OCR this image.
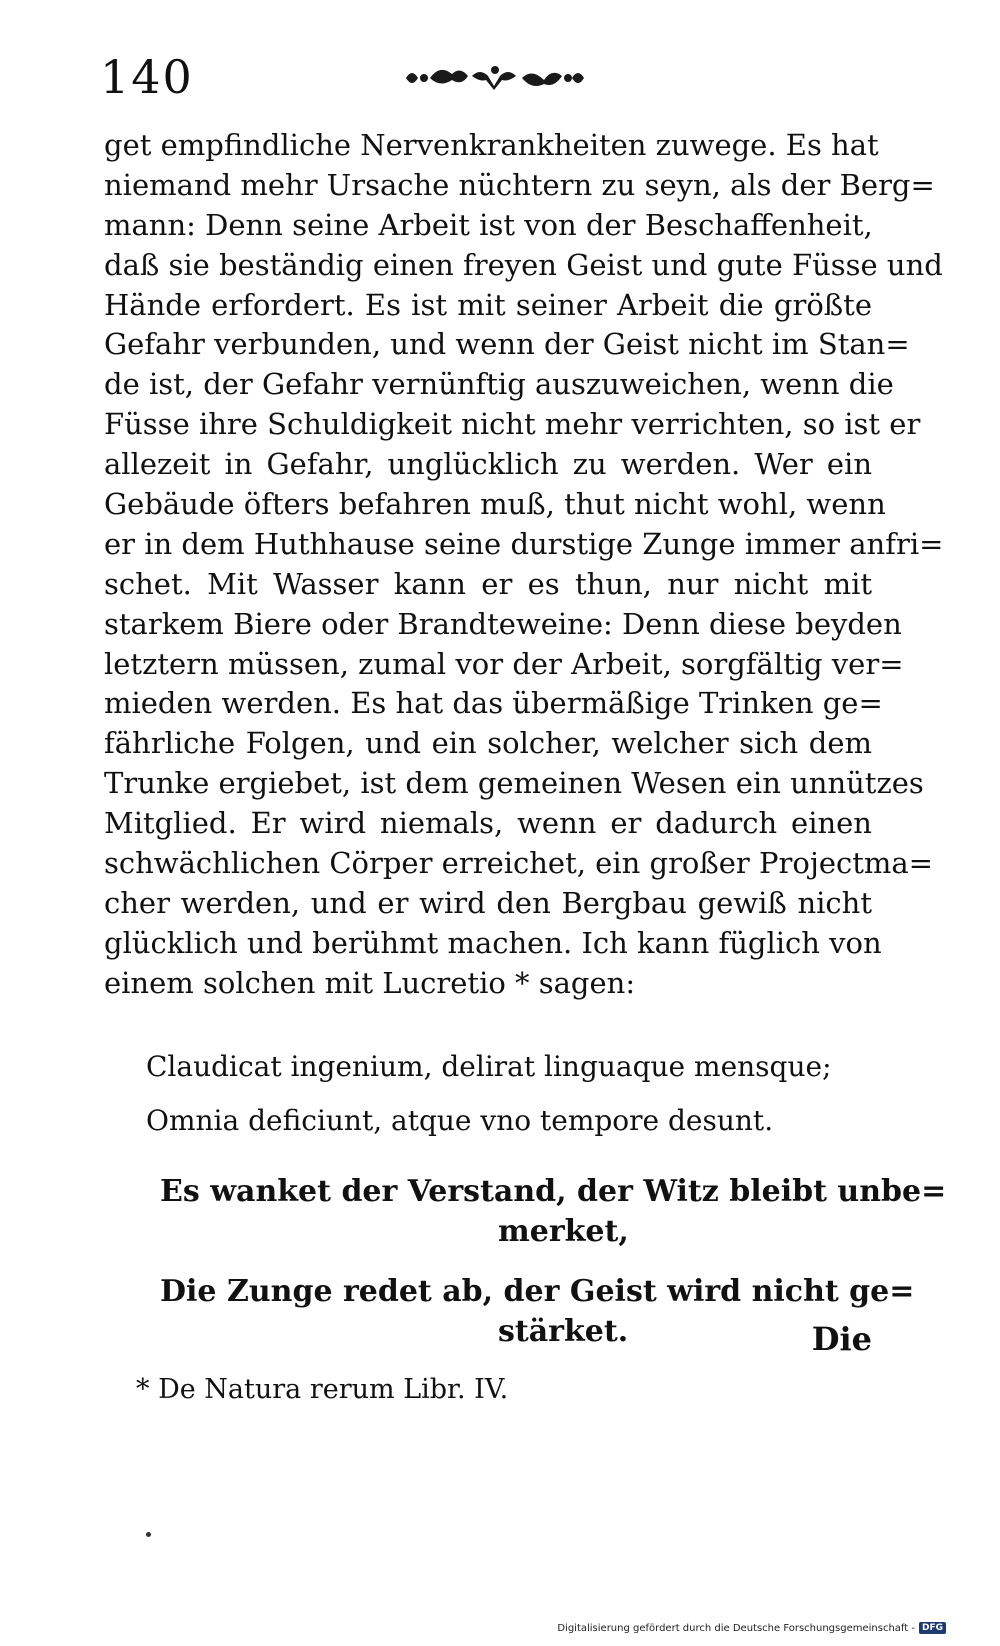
140
get empfindliche Nervenkrankheiten zuwege. Es hat
niemand mehr Ursache nüchtern zu seyn, als der Berg=
mann: Denn seine Arbeit ist von der Beschaffenheit,
daß sie beständig einen freyen Geist und gute Füsse und
Hände erfordert. Es ist mit seiner Arbeit die größte
Gefahr verbunden, und wenn der Geist nicht im Stan=
de ist, der Gefahr vernünftig auszuweichen, wenn die
Füsse ihre Schuldigkeit nicht mehr verrichten, so ist er
allezeit in Gefahr, unglücklich zu werden. Wer ein
Gebäude öfters befahren muß, thut nicht wohl, wenn
er in dem Huthhause seine durstige Zunge immer anfri=
schet. Mit Wasser kann er es thun, nur nicht mit
starkem Biere oder Brandteweine: Denn diese beyden
letztern müssen, zumal vor der Arbeit, sorgfältig ver=
mieden werden. Es hat das übermäßige Trinken ge=
fährliche Folgen, und ein solcher, welcher sich dem
Trunke ergiebet, ist dem gemeinen Wesen ein unnützes
Mitglied. Er wird niemals, wenn er dadurch einen
schwächlichen Cörper erreichet, ein großer Projectma=
cher werden, und er wird den Bergbau gewiß nicht
glücklich und berühmt machen. Ich kann füglich von
einem solchen mit Lucretio * sagen:
Claudicat ingenium, delirat linguaque mensque;
Omnia deficiunt, atque vno tempore desunt.
Es wanket der Verstand, der Witz bleibt unbe=
merket,
Die Zunge redet ab, der Geist wird nicht ge=
stärket.	Die
* De Natura rerum Libr. IV.
Digitalisierung gefördert durch die Deutsche Forschungsgemeinschaft - DFG
